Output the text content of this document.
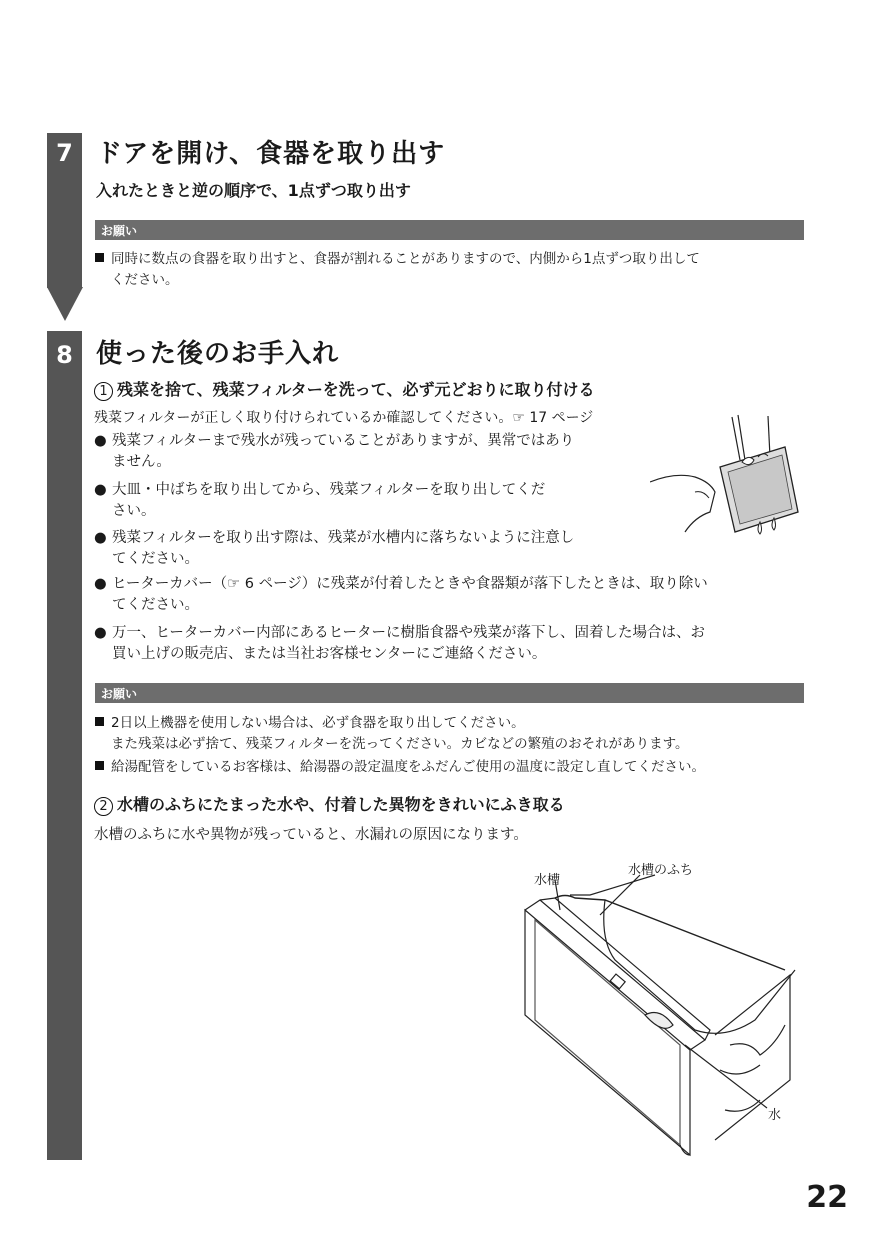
7 ドアを開け、食器を取り出す
入れたときと逆の順序で、1点ずつ取り出す
お願い
同時に数点の食器を取り出すと、食器が割れることがありますので、内側から1点ずつ取り出して
ください。
8 使った後のお手入れ
1 残菜を捨て、残菜フィルターを洗って、必ず元どおりに取り付ける
残菜フィルターが正しく取り付けられているか確認してください。☞ 17 ページ
● 残菜フィルターまで残水が残っていることがありますが、異常ではあり
ません。
● 大皿・中ばちを取り出してから、残菜フィルターを取り出してくだ
さい。
● 残菜フィルターを取り出す際は、残菜が水槽内に落ちないように注意し
てください。
● ヒーターカバー（☞ 6 ページ）に残菜が付着したときや食器類が落下したときは、取り除い
てください。
● 万一、ヒーターカバー内部にあるヒーターに樹脂食器や残菜が落下し、固着した場合は、お
買い上げの販売店、または当社お客様センターにご連絡ください。
お願い
2日以上機器を使用しない場合は、必ず食器を取り出してください。
また残菜は必ず捨て、残菜フィルターを洗ってください。カビなどの繁殖のおそれがあります。
給湯配管をしているお客様は、給湯器の設定温度をふだんご使用の温度に設定し直してください。
2 水槽のふちにたまった水や、付着した異物をきれいにふき取る
水槽のふちに水や異物が残っていると、水漏れの原因になります。
水槽
水槽のふち
水
22
